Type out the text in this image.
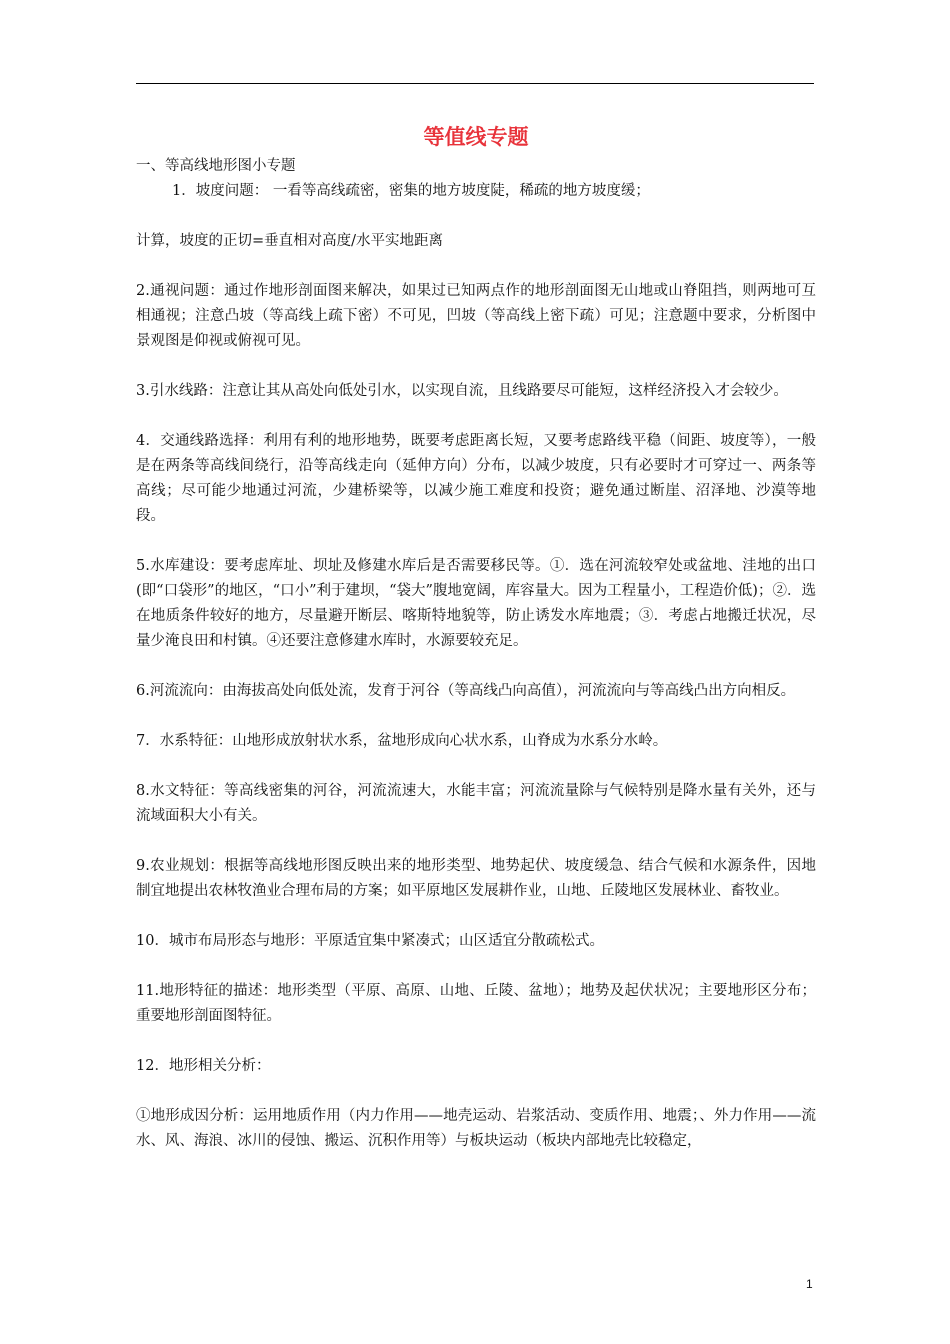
等值线专题

一、等高线地形图小专题

1．坡度问题： 一看等高线疏密，密集的地方坡度陡，稀疏的地方坡度缓；

计算，坡度的正切=垂直相对高度/水平实地距离

2.通视问题：通过作地形剖面图来解决，如果过已知两点作的地形剖面图无山地或山脊阻挡，则两地可互相通视；注意凸坡（等高线上疏下密）不可见，凹坡（等高线上密下疏）可见；注意题中要求，分析图中景观图是仰视或俯视可见。

3.引水线路：注意让其从高处向低处引水，以实现自流，且线路要尽可能短，这样经济投入才会较少。

4．交通线路选择：利用有利的地形地势，既要考虑距离长短，又要考虑路线平稳（间距、坡度等），一般是在两条等高线间绕行，沿等高线走向（延伸方向）分布，以减少坡度，只有必要时才可穿过一、两条等高线；尽可能少地通过河流，少建桥梁等，以减少施工难度和投资；避免通过断崖、沼泽地、沙漠等地段。

5.水库建设：要考虑库址、坝址及修建水库后是否需要移民等。①．选在河流较窄处或盆地、洼地的出口(即“口袋形”的地区，“口小”利于建坝，“袋大”腹地宽阔，库容量大。因为工程量小，工程造价低)；②．选在地质条件较好的地方，尽量避开断层、喀斯特地貌等，防止诱发水库地震；③．考虑占地搬迁状况，尽量少淹良田和村镇。④还要注意修建水库时，水源要较充足。

6.河流流向：由海拔高处向低处流，发育于河谷（等高线凸向高值），河流流向与等高线凸出方向相反。

7．水系特征：山地形成放射状水系，盆地形成向心状水系，山脊成为水系分水岭。

8.水文特征：等高线密集的河谷，河流流速大，水能丰富；河流流量除与气候特别是降水量有关外，还与流域面积大小有关。

9.农业规划：根据等高线地形图反映出来的地形类型、地势起伏、坡度缓急、结合气候和水源条件，因地制宜地提出农林牧渔业合理布局的方案；如平原地区发展耕作业，山地、丘陵地区发展林业、畜牧业。

10．城市布局形态与地形：平原适宜集中紧凑式；山区适宜分散疏松式。

11.地形特征的描述：地形类型（平原、高原、山地、丘陵、盆地）；地势及起伏状况；主要地形区分布；重要地形剖面图特征。

12．地形相关分析：

①地形成因分析：运用地质作用（内力作用——地壳运动、岩浆活动、变质作用、地震；、外力作用——流水、风、海浪、冰川的侵蚀、搬运、沉积作用等）与板块运动（板块内部地壳比较稳定，

1
